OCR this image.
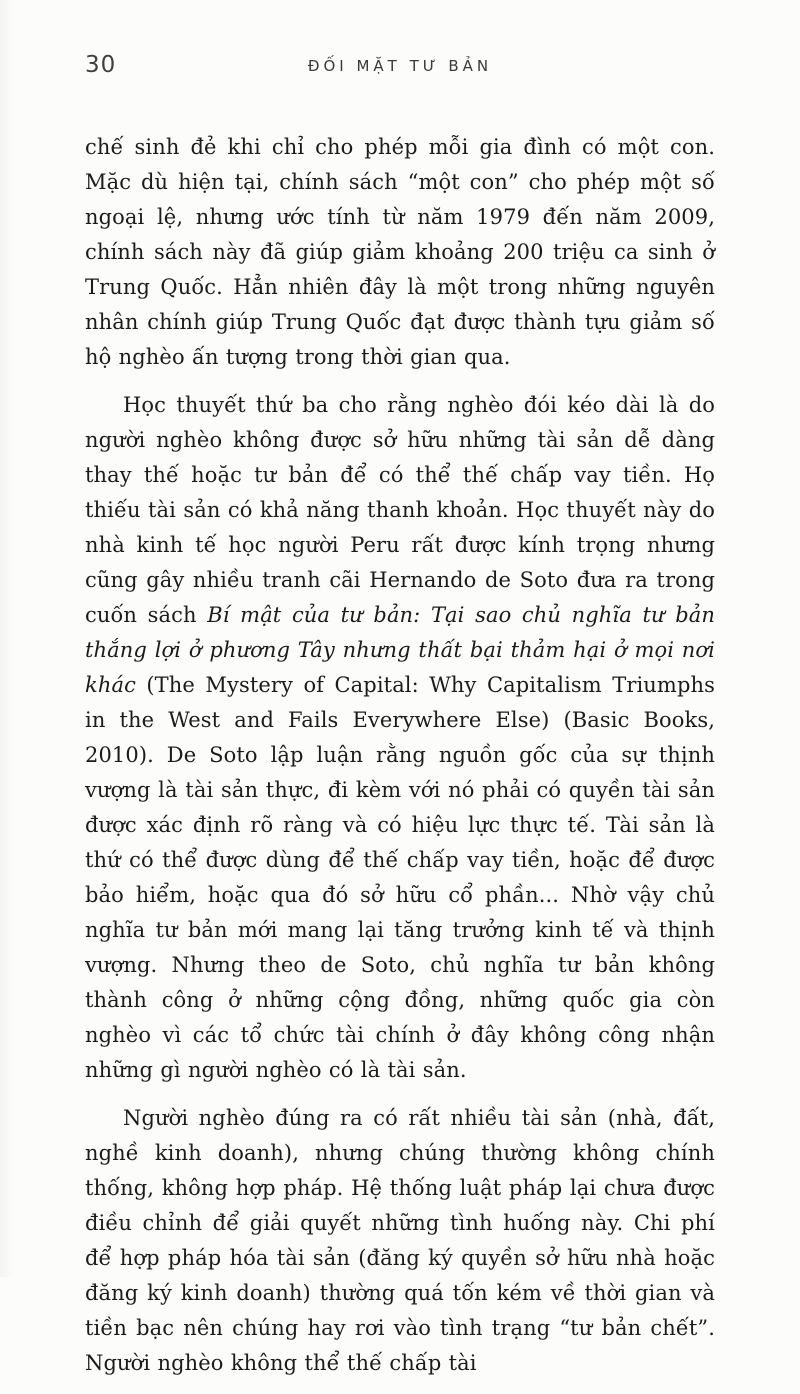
30	ĐỐI MẶT TƯ BẢN

chế sinh đẻ khi chỉ cho phép mỗi gia đình có một con. Mặc dù hiện tại, chính sách “một con” cho phép một số ngoại lệ, nhưng ước tính từ năm 1979 đến năm 2009, chính sách này đã giúp giảm khoảng 200 triệu ca sinh ở Trung Quốc. Hẳn nhiên đây là một trong những nguyên nhân chính giúp Trung Quốc đạt được thành tựu giảm số hộ nghèo ấn tượng trong thời gian qua.

Học thuyết thứ ba cho rằng nghèo đói kéo dài là do người nghèo không được sở hữu những tài sản dễ dàng thay thế hoặc tư bản để có thể thế chấp vay tiền. Họ thiếu tài sản có khả năng thanh khoản. Học thuyết này do nhà kinh tế học người Peru rất được kính trọng nhưng cũng gây nhiều tranh cãi Hernando de Soto đưa ra trong cuốn sách Bí mật của tư bản: Tại sao chủ nghĩa tư bản thắng lợi ở phương Tây nhưng thất bại thảm hại ở mọi nơi khác (The Mystery of Capital: Why Capitalism Triumphs in the West and Fails Everywhere Else) (Basic Books, 2010). De Soto lập luận rằng nguồn gốc của sự thịnh vượng là tài sản thực, đi kèm với nó phải có quyền tài sản được xác định rõ ràng và có hiệu lực thực tế. Tài sản là thứ có thể được dùng để thế chấp vay tiền, hoặc để được bảo hiểm, hoặc qua đó sở hữu cổ phần... Nhờ vậy chủ nghĩa tư bản mới mang lại tăng trưởng kinh tế và thịnh vượng. Nhưng theo de Soto, chủ nghĩa tư bản không thành công ở những cộng đồng, những quốc gia còn nghèo vì các tổ chức tài chính ở đây không công nhận những gì người nghèo có là tài sản.

Người nghèo đúng ra có rất nhiều tài sản (nhà, đất, nghề kinh doanh), nhưng chúng thường không chính thống, không hợp pháp. Hệ thống luật pháp lại chưa được điều chỉnh để giải quyết những tình huống này. Chi phí để hợp pháp hóa tài sản (đăng ký quyền sở hữu nhà hoặc đăng ký kinh doanh) thường quá tốn kém về thời gian và tiền bạc nên chúng hay rơi vào tình trạng “tư bản chết”. Người nghèo không thể thế chấp tài
